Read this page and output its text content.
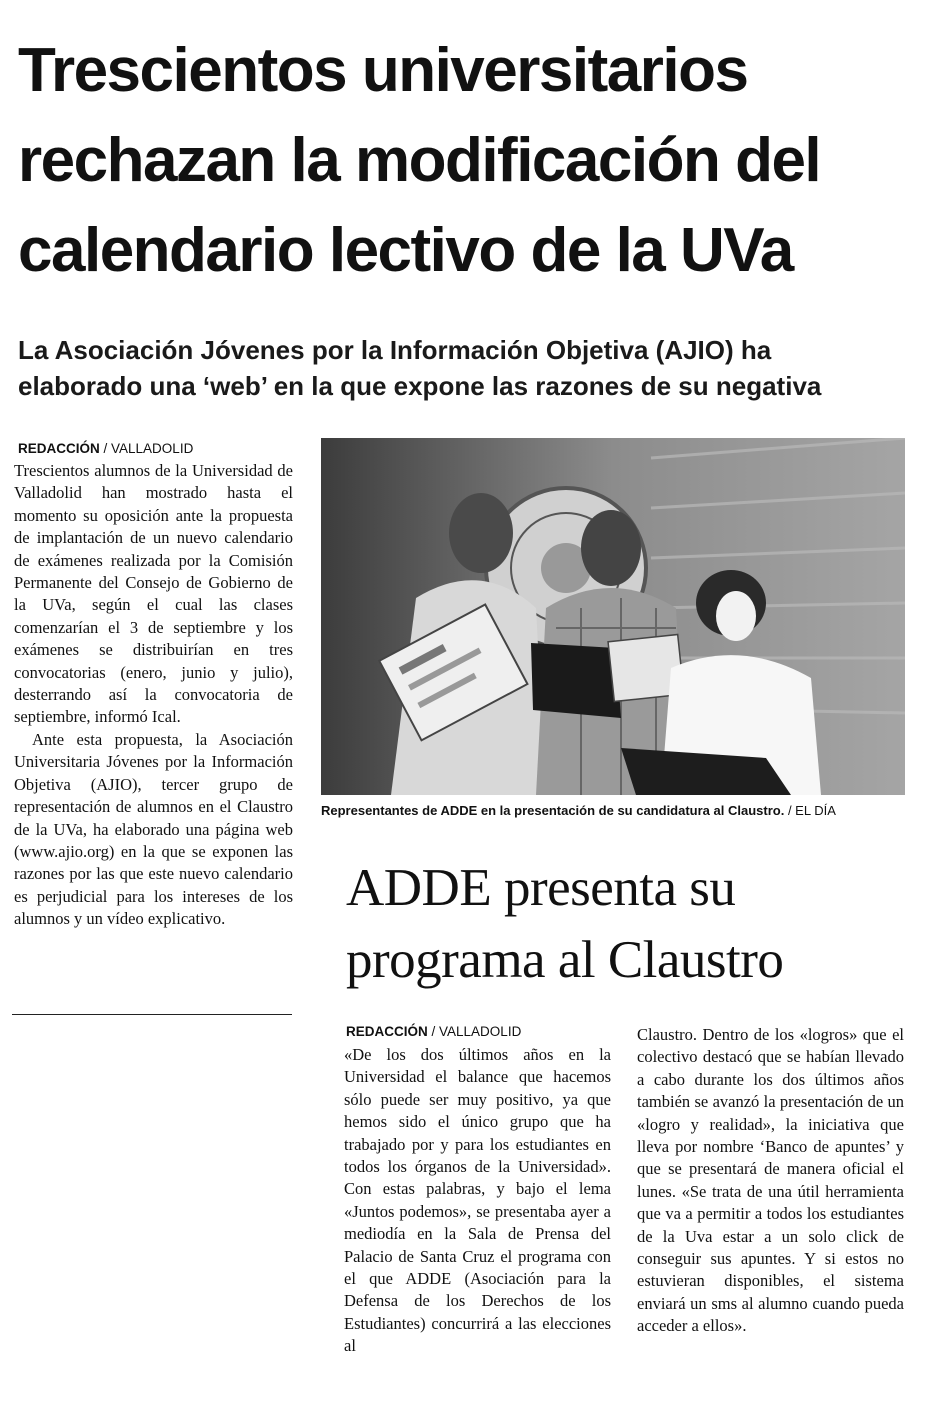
Trescientos universitarios
rechazan la modificación del
calendario lectivo de la UVa
La Asociación Jóvenes por la Información Objetiva (AJIO) ha
elaborado una ‘web’ en la que expone las razones de su negativa
REDACCIÓN / VALLADOLID

Trescientos alumnos de la Universidad de Valladolid han mostrado hasta el momento su oposición ante la propuesta de implantación de un nuevo calendario de exámenes realizada por la Comisión Permanente del Consejo de Gobierno de la UVa, según el cual las clases comenzarían el 3 de septiembre y los exámenes se distribuirían en tres convocatorias (enero, junio y julio), desterrando así la convocatoria de septiembre, informó Ical.

Ante esta propuesta, la Asociación Universitaria Jóvenes por la Información Objetiva (AJIO), tercer grupo de representación de alumnos en el Claustro de la UVa, ha elaborado una página web (www.ajio.org) en la que se exponen las razones por las que este nuevo calendario es perjudicial para los intereses de los alumnos y un vídeo explicativo.

Representantes de ADDE en la presentación de su candidatura al Claustro. / EL DÍA
ADDE presenta su
programa al Claustro
REDACCIÓN / VALLADOLID

«De los dos últimos años en la Universidad el balance que hacemos sólo puede ser muy positivo, ya que hemos sido el único grupo que ha trabajado por y para los estudiantes en todos los órganos de la Universidad». Con estas palabras, y bajo el lema «Juntos podemos», se presentaba ayer a mediodía en la Sala de Prensa del Palacio de Santa Cruz el programa con el que ADDE (Asociación para la Defensa de los Derechos de los Estudiantes) concurrirá a las elecciones al

Claustro. Dentro de los «logros» que el colectivo destacó que se habían llevado a cabo durante los dos últimos años también se avanzó la presentación de un «logro y realidad», la iniciativa que lleva por nombre ‘Banco de apuntes’ y que se presentará de manera oficial el lunes. «Se trata de una útil herramienta que va a permitir a todos los estudiantes de la Uva estar a un solo click de conseguir sus apuntes. Y si estos no estuvieran disponibles, el sistema enviará un sms al alumno cuando pueda acceder a ellos».
